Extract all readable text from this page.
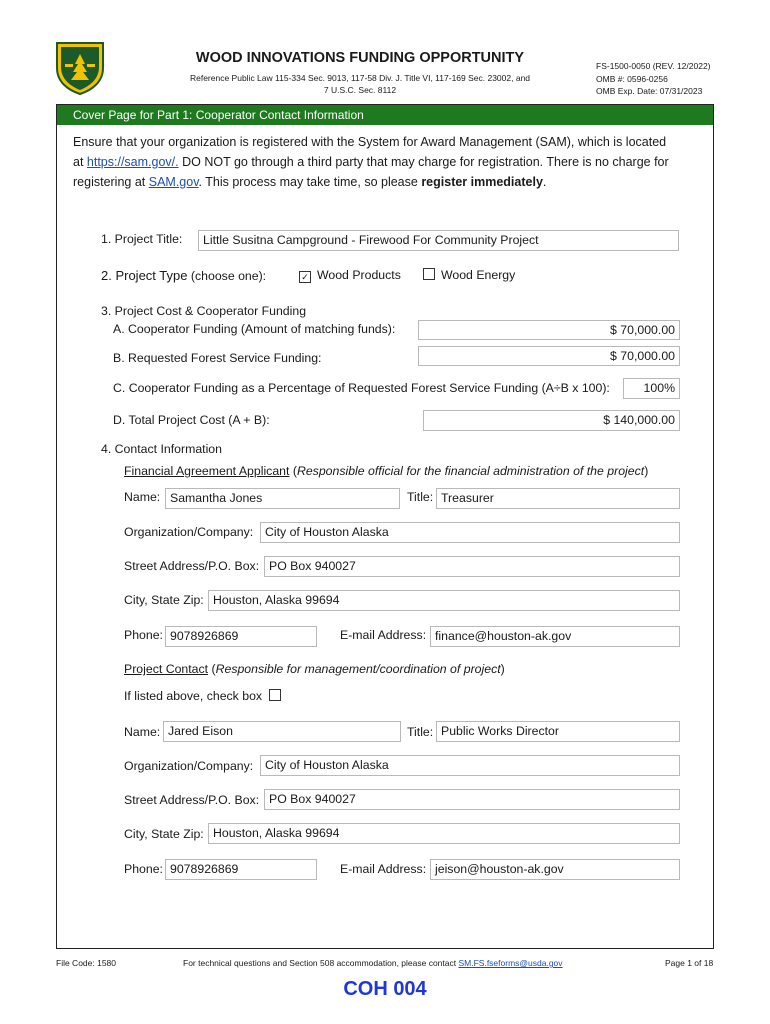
WOOD INNOVATIONS FUNDING OPPORTUNITY
Reference Public Law 115-334 Sec. 9013, 117-58 Div. J. Title VI, 117-169 Sec. 23002, and
7 U.S.C. Sec. 8112
FS-1500-0050 (REV. 12/2022)
OMB #: 0596-0256
OMB Exp. Date: 07/31/2023
Cover Page for Part 1: Cooperator Contact Information
Ensure that your organization is registered with the System for Award Management (SAM), which is located at https://sam.gov/. DO NOT go through a third party that may charge for registration. There is no charge for registering at SAM.gov. This process may take time, so please register immediately.
1. Project Title:	Little Susitna Campground - Firewood For Community Project
2. Project Type (choose one):	✓ Wood Products	Wood Energy
3. Project Cost & Cooperator Funding
A. Cooperator Funding (Amount of matching funds):	$ 70,000.00
B. Requested Forest Service Funding:	$ 70,000.00
C. Cooperator Funding as a Percentage of Requested Forest Service Funding (A÷B x 100):	100%
D. Total Project Cost (A + B):	$ 140,000.00
4. Contact Information
Financial Agreement Applicant (Responsible official for the financial administration of the project)
Name: Samantha Jones	Title: Treasurer
Organization/Company: City of Houston Alaska
Street Address/P.O. Box: PO Box 940027
City, State Zip: Houston, Alaska 99694
Phone: 9078926869	E-mail Address: finance@houston-ak.gov
Project Contact (Responsible for management/coordination of project)
If listed above, check box
Name: Jared Eison	Title: Public Works Director
Organization/Company: City of Houston Alaska
Street Address/P.O. Box: PO Box 940027
City, State Zip: Houston, Alaska 99694
Phone: 9078926869	E-mail Address: jeison@houston-ak.gov
File Code: 1580	For technical questions and Section 508 accommodation, please contact SM.FS.fseforms@usda.gov	Page 1 of 18
COH 004
